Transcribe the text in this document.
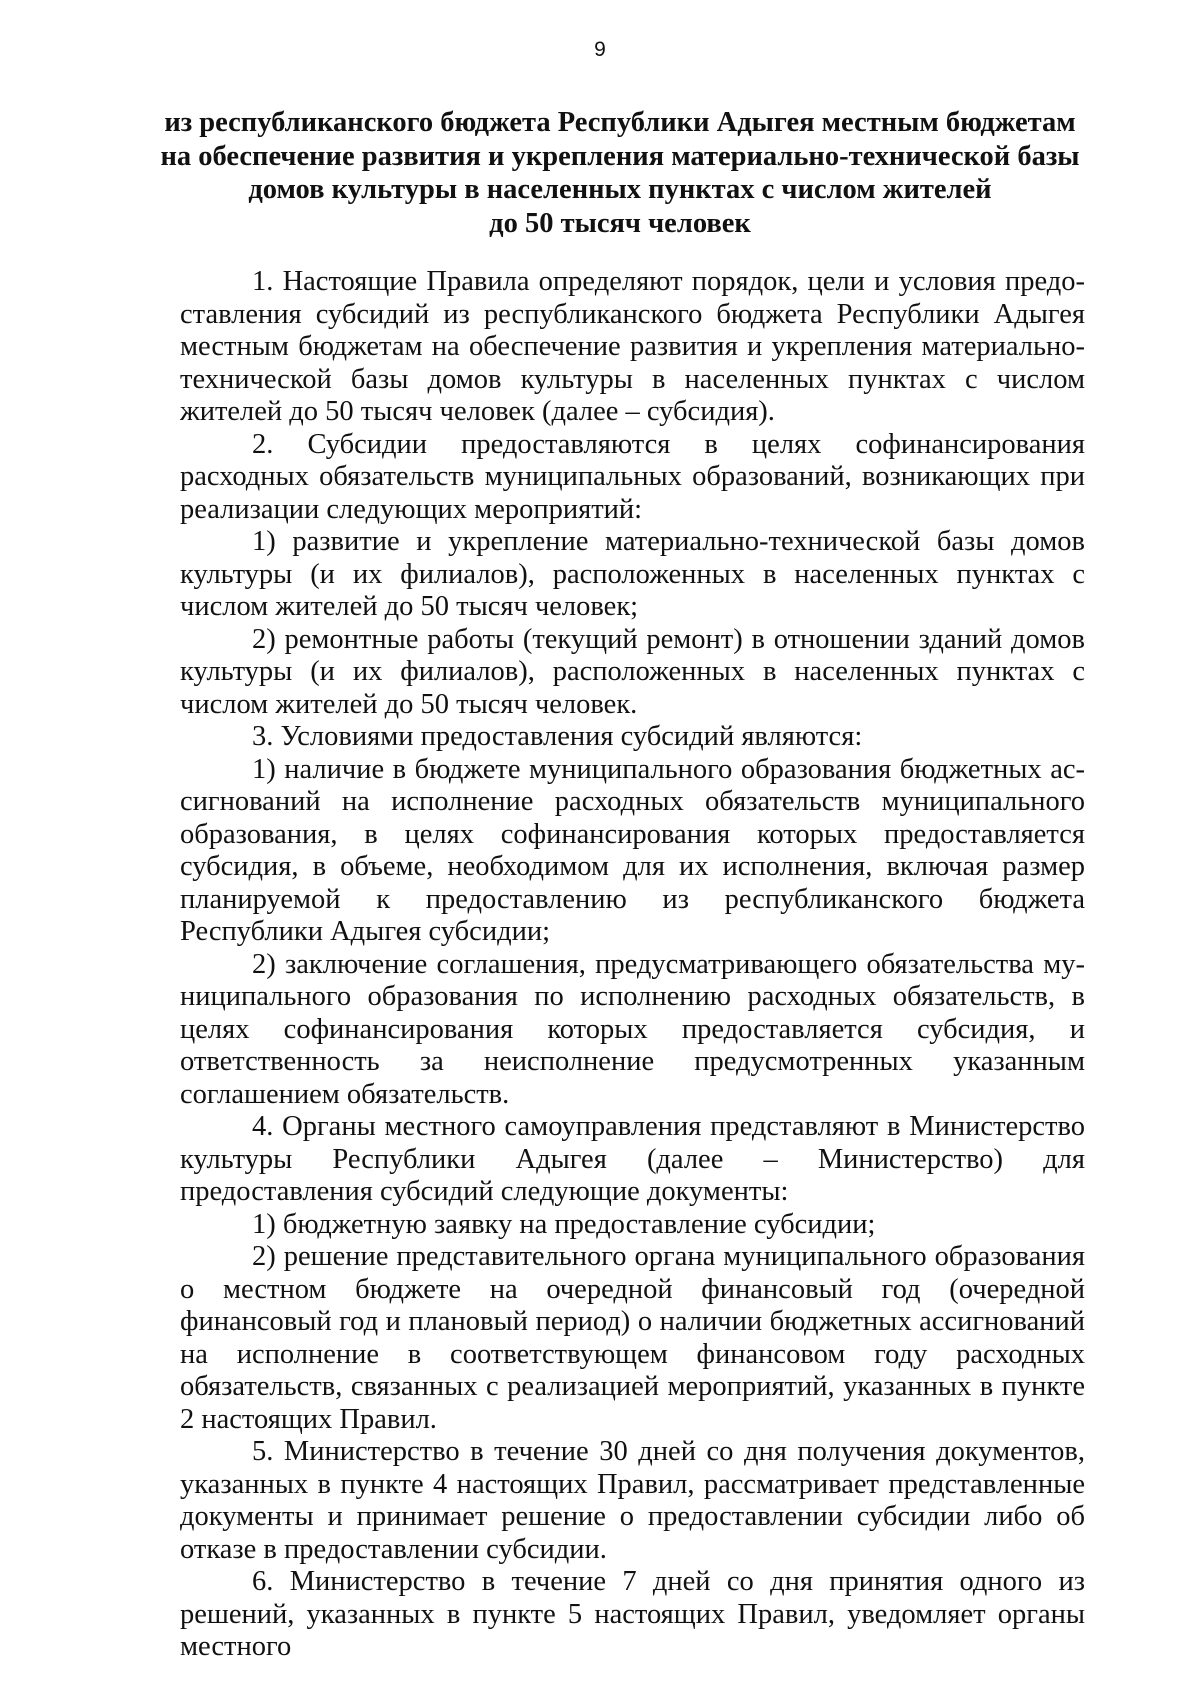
9
из республиканского бюджета Республики Адыгея местным бюджетам
на обеспечение развития и укрепления материально-технической базы
домов культуры в населенных пунктах с числом жителей
до 50 тысяч человек

1. Настоящие Правила определяют порядок, цели и условия предоставления субсидий из республиканского бюджета Республики Адыгея местным бюджетам на обеспечение развития и укрепления материально-технической базы домов культуры в населенных пунктах с числом жителей до 50 тысяч человек (далее – субсидия).

2. Субсидии предоставляются в целях софинансирования расходных обязательств муниципальных образований, возникающих при реализации следующих мероприятий:

1) развитие и укрепление материально-технической базы домов культуры (и их филиалов), расположенных в населенных пунктах с числом жителей до 50 тысяч человек;

2) ремонтные работы (текущий ремонт) в отношении зданий домов культуры (и их филиалов), расположенных в населенных пунктах с числом жителей до 50 тысяч человек.

3. Условиями предоставления субсидий являются:

1) наличие в бюджете муниципального образования бюджетных ассигнований на исполнение расходных обязательств муниципального образования, в целях софинансирования которых предоставляется субсидия, в объеме, необходимом для их исполнения, включая размер планируемой к предоставлению из республиканского бюджета Республики Адыгея субсидии;

2) заключение соглашения, предусматривающего обязательства муниципального образования по исполнению расходных обязательств, в целях софинансирования которых предоставляется субсидия, и ответственность за неисполнение предусмотренных указанным соглашением обязательств.

4. Органы местного самоуправления представляют в Министерство культуры Республики Адыгея (далее – Министерство) для предоставления субсидий следующие документы:

1) бюджетную заявку на предоставление субсидии;

2) решение представительного органа муниципального образования о местном бюджете на очередной финансовый год (очередной финансовый год и плановый период) о наличии бюджетных ассигнований на исполнение в соответствующем финансовом году расходных обязательств, связанных с реализацией мероприятий, указанных в пункте 2 настоящих Правил.

5. Министерство в течение 30 дней со дня получения документов, указанных в пункте 4 настоящих Правил, рассматривает представленные документы и принимает решение о предоставлении субсидии либо об отказе в предоставлении субсидии.

6. Министерство в течение 7 дней со дня принятия одного из решений, указанных в пункте 5 настоящих Правил, уведомляет органы местного
